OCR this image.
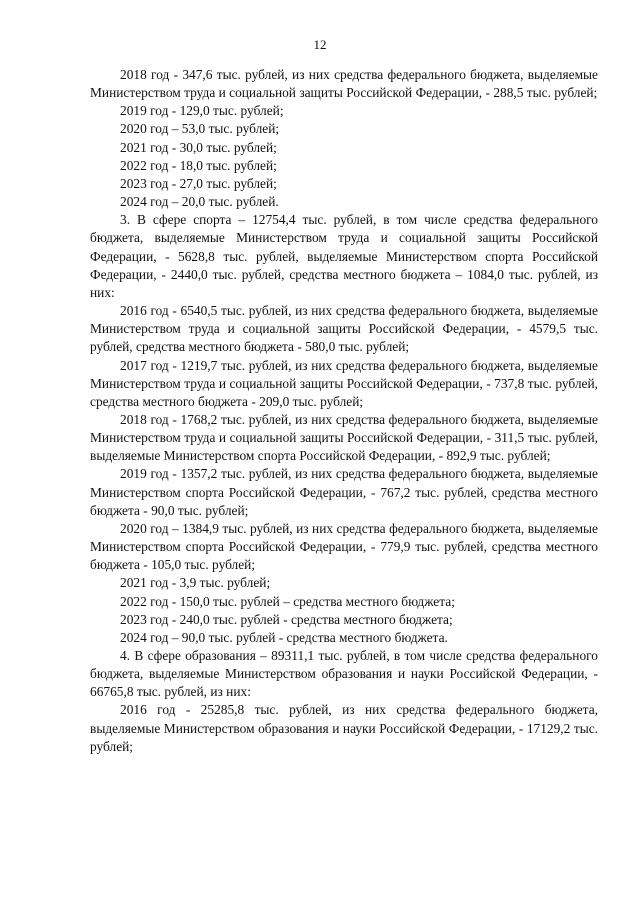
12

2018 год - 347,6 тыс. рублей, из них средства федерального бюджета, выделяемые Министерством труда и социальной защиты Российской Федерации, - 288,5 тыс. рублей;

2019 год - 129,0 тыс. рублей;

2020 год – 53,0 тыс. рублей;

2021 год - 30,0 тыс. рублей;

2022 год - 18,0 тыс. рублей;

2023 год - 27,0 тыс. рублей;

2024 год – 20,0 тыс. рублей.

3. В сфере спорта – 12754,4 тыс. рублей, в том числе средства федерального бюджета, выделяемые Министерством труда и социальной защиты Российской Федерации, - 5628,8 тыс. рублей, выделяемые Министерством спорта Российской Федерации, - 2440,0 тыс. рублей, средства местного бюджета – 1084,0 тыс. рублей, из них:

2016 год - 6540,5 тыс. рублей, из них средства федерального бюджета, выделяемые Министерством труда и социальной защиты Российской Федерации, - 4579,5 тыс. рублей, средства местного бюджета - 580,0 тыс. рублей;

2017 год - 1219,7 тыс. рублей, из них средства федерального бюджета, выделяемые Министерством труда и социальной защиты Российской Федерации, - 737,8 тыс. рублей, средства местного бюджета - 209,0 тыс. рублей;

2018 год - 1768,2 тыс. рублей, из них средства федерального бюджета, выделяемые Министерством труда и социальной защиты Российской Федерации, - 311,5 тыс. рублей, выделяемые Министерством спорта Российской Федерации, - 892,9 тыс. рублей;

2019 год - 1357,2 тыс. рублей, из них средства федерального бюджета, выделяемые Министерством спорта Российской Федерации, - 767,2 тыс. рублей, средства местного бюджета - 90,0 тыс. рублей;

2020 год – 1384,9 тыс. рублей, из них средства федерального бюджета, выделяемые Министерством спорта Российской Федерации, - 779,9 тыс. рублей, средства местного бюджета - 105,0 тыс. рублей;

2021 год - 3,9 тыс. рублей;

2022 год - 150,0 тыс. рублей – средства местного бюджета;

2023 год - 240,0 тыс. рублей - средства местного бюджета;

2024 год – 90,0 тыс. рублей - средства местного бюджета.

4. В сфере образования – 89311,1 тыс. рублей, в том числе средства федерального бюджета, выделяемые Министерством образования и науки Российской Федерации, - 66765,8 тыс. рублей, из них:

2016 год - 25285,8 тыс. рублей, из них средства федерального бюджета, выделяемые Министерством образования и науки Российской Федерации, - 17129,2 тыс. рублей;
